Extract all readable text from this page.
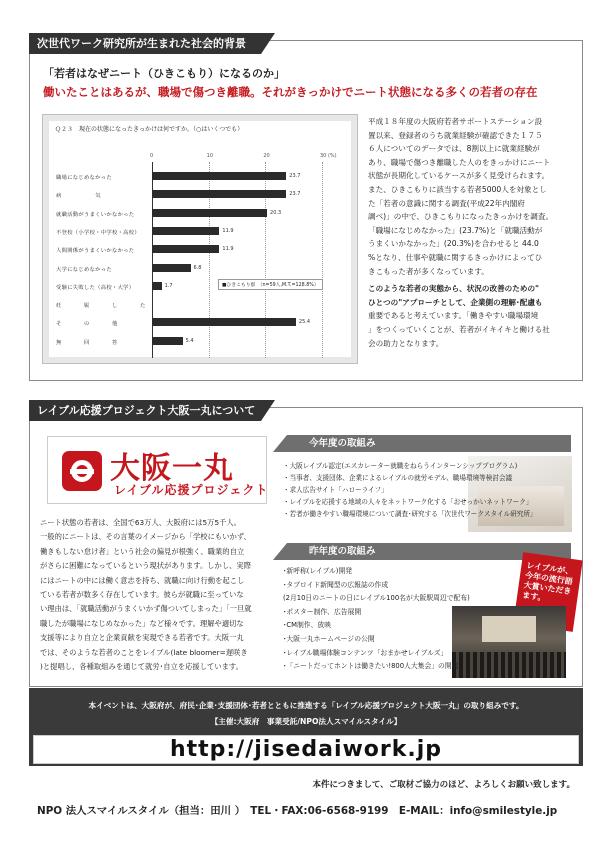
次世代ワーク研究所が生まれた社会的背景
「若者はなぜニート（ひきこもり）になるのか」
働いたことはあるが、職場で傷つき離職。それがきっかけでニート状態になる多くの若者の存在
Ｑ２３　現在の状態になったきっかけは何ですか。（○はいくつでも）
0	10	20	30 (%)
職場になじめなかった	23.7
病　　　　　　気	23.7
就職活動がうまくいかなかった	20.3
不登校（小学校・中学校・高校）	11.9
人間関係がうまくいかなかった	11.9
大学になじめなかった	6.8
受験に失敗した（高校・大学）	1.7
妊　　　　娠　　　　し　　　　た
そ　　　　の　　　　他	25.4
無　　　　回　　　　答	5.4
■ひきこもり群　（n=59人,M.T.=128.8%）
平成１８年度の大阪府若者サポートステーション設
置以来、登録者のうち就業経験が確認できた１７５
６人についてのデータでは、8割以上に就業経験が
あり、職場で傷つき離職した人のをきっかけにニート
状態が長期化しているケースが多く見受けられます。
また、ひきこもりに該当する若者5000人を対象とし
た「若者の意識に関する調査(平成22年内閣府
調べ)」の中で、ひきこもりになったきっかけを調査。
「職場になじめなかった」(23.7%)と「就職活動が
うまくいかなかった」(20.3%)を合わせると 44.0
%となり、仕事や就職に関するきっかけによってひ
きこもった者が多くなっています。
このような若者の実態から、状況の改善のための"
ひとつの"アプローチとして、企業側の理解･配慮も
重要であると考えています。「働きやすい職場環境
」をつくっていくことが、若者がイキイキと働ける社
会の助力となります。
レイブル応援プロジェクト大阪一丸について
大阪一丸
レイブル応援プロジェクト
ニート状態の若者は、全国で63万人、大阪府には5万5千人。
一般的にニートは、その言葉のイメージから「学校にもいかず、
働きもしない怠け者」という社会の偏見が根強く、職業的自立
がさらに困難になっているという現状があります。しかし、実際
にはニートの中には働く意志を持ち、就職に向け行動を起こし
ている若者が数多く存在しています。彼らが就職に至っていな
い理由は、「就職活動がうまくいかず傷ついてしまった」「一旦就
職したが職場になじめなかった」など様々です。理解や適切な
支援等により自立と企業貢献を実現できる若者です。大阪一丸
では、そのような若者のことをレイブル(late bloomer=遅咲き
)と提唱し、各種取組みを通じて就労･自立を応援しています。
今年度の取組み
・大阪レイブル認定(エスカレーター就職をねらうインターンシッププログラム)
・当事者、支援団体、企業によるレイブルの就労モデル、職場環境等検討会議
・求人広告サイト「ハローライフ」
・レイブルを応援する地域の人々をネットワーク化する「おせっかいネットワーク」
・若者が働きやすい職場環境について調査･研究する「次世代ワークスタイル研究所」
昨年度の取組み
レイブルが、今年の流行語大賞いただきます。
･新呼称(レイブル)開発
･タブロイド新聞型の広報誌の作成
(2月10日のニートの日にレイブル100名が大阪駅周辺で配布)
･ポスター制作、広告展開
･CM制作、放映
･大阪一丸ホームページの公開
･レイブル職場体験コンテンツ「おまかせレイブルズ」
･「ニートだってホントは働きたい!800人大集会」の開催
本イベントは、大阪府が、府民･企業･支援団体･若者とともに推進する「レイブル応援プロジェクト大阪一丸」の取り組みです。
【主催:大阪府　事業受託/NPO法人スマイルスタイル】
http://jisedaiwork.jp
本件につきまして、ご取材ご協力のほど、よろしくお願い致します。
NPO 法人スマイルスタイル（担当：田川 ）　TEL・FAX:06-6568-9199　E-MAIL：info@smilestyle.jp
